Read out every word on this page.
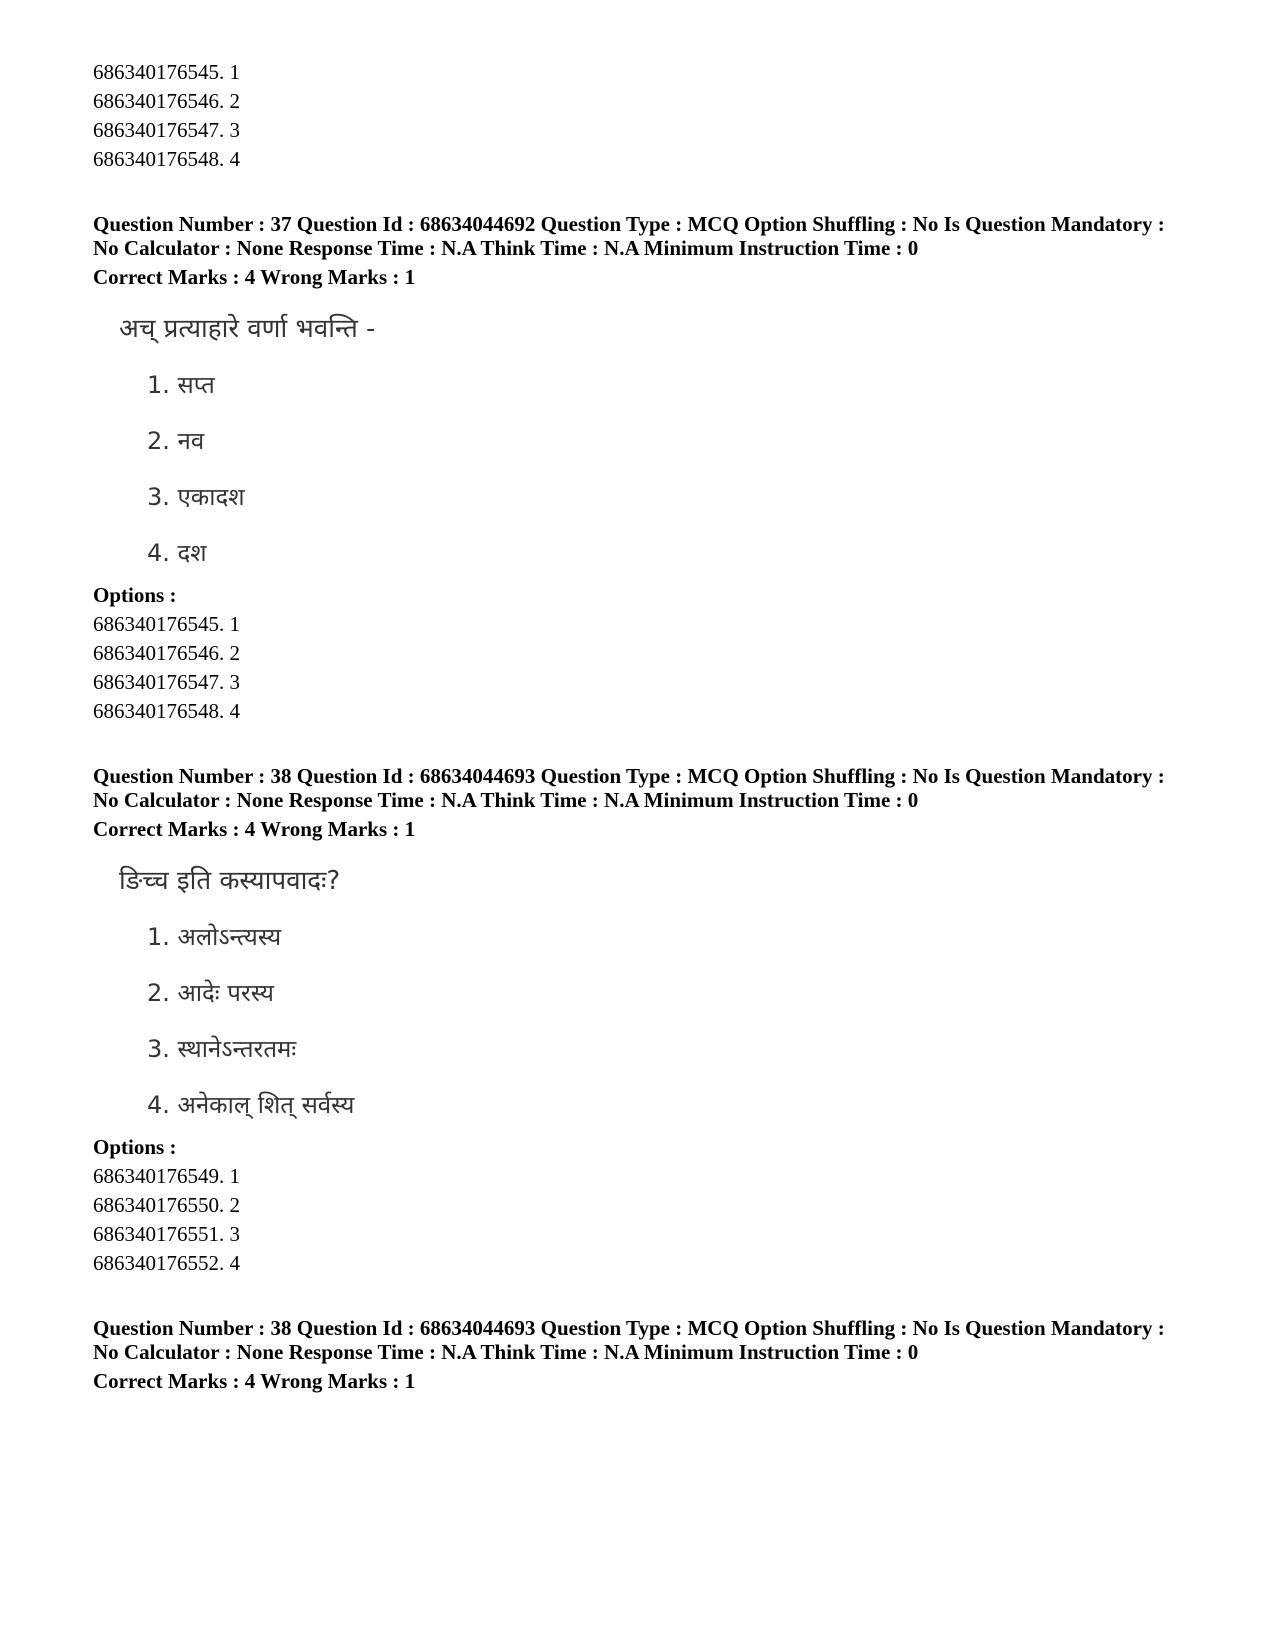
686340176545. 1
686340176546. 2
686340176547. 3
686340176548. 4
Question Number : 37 Question Id : 68634044692 Question Type : MCQ Option Shuffling : No Is Question Mandatory :
No Calculator : None Response Time : N.A Think Time : N.A Minimum Instruction Time : 0
Correct Marks : 4 Wrong Marks : 1
अच् प्रत्याहारे वर्णा भवन्ति -
1. सप्त
2. नव
3. एकादश
4. दश
Options :
686340176545. 1
686340176546. 2
686340176547. 3
686340176548. 4
Question Number : 38 Question Id : 68634044693 Question Type : MCQ Option Shuffling : No Is Question Mandatory :
No Calculator : None Response Time : N.A Think Time : N.A Minimum Instruction Time : 0
Correct Marks : 4 Wrong Marks : 1
ङिच्च इति कस्यापवादः?
1. अलोऽन्त्यस्य
2. आदेः परस्य
3. स्थानेऽन्तरतमः
4. अनेकाल् शित् सर्वस्य
Options :
686340176549. 1
686340176550. 2
686340176551. 3
686340176552. 4
Question Number : 38 Question Id : 68634044693 Question Type : MCQ Option Shuffling : No Is Question Mandatory :
No Calculator : None Response Time : N.A Think Time : N.A Minimum Instruction Time : 0
Correct Marks : 4 Wrong Marks : 1
